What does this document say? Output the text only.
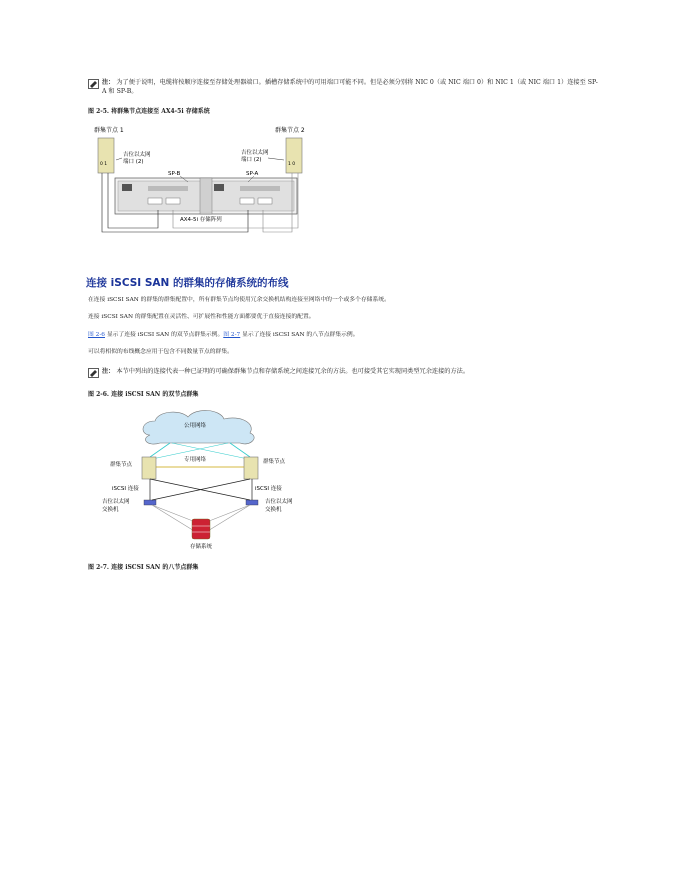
注： 为了便于说明，电缆将按顺序连接至存储处理器端口。插槽存储系统中的可用端口可能不同。但是必须分别将 NIC 0（或 NIC 端口 0）和 NIC 1（或 NIC 端口 1）连接至 SP-A 和 SP-B。
图 2-5. 将群集节点连接至 AX4-5i 存储系统
群集节点 1
0 1
群集节点 2
1 0
吉位以太网
端口 (2)
吉位以太网
端口 (2)
SP-B	SP-A
AX4-5i 存储阵列
连接 iSCSI SAN 的群集的存储系统的布线
在连接 iSCSI SAN 的群集的群集配置中，所有群集节点均使用冗余交换机结构连接至网络中的一个或多个存储系统。
连接 iSCSI SAN 的群集配置在灵活性、可扩展性和性能方面都要优于直接连接的配置。
图 2-6 显示了连接 iSCSI SAN 的双节点群集示例。图 2-7 显示了连接 iSCSI SAN 的八节点群集示例。
可以将相似的布线概念应用于包含不同数量节点的群集。
注： 本节中列出的连接代表一种已证明的可确保群集节点和存储系统之间连接冗余的方法。也可接受其它实现同类型冗余连接的方法。
图 2-6. 连接 iSCSI SAN 的双节点群集
公用网络
群集节点	群集节点
专用网络
iSCSI 连接	iSCSI 连接
吉位以太网
交换机
吉位以太网
交换机
存储系统
图 2-7. 连接 iSCSI SAN 的八节点群集
